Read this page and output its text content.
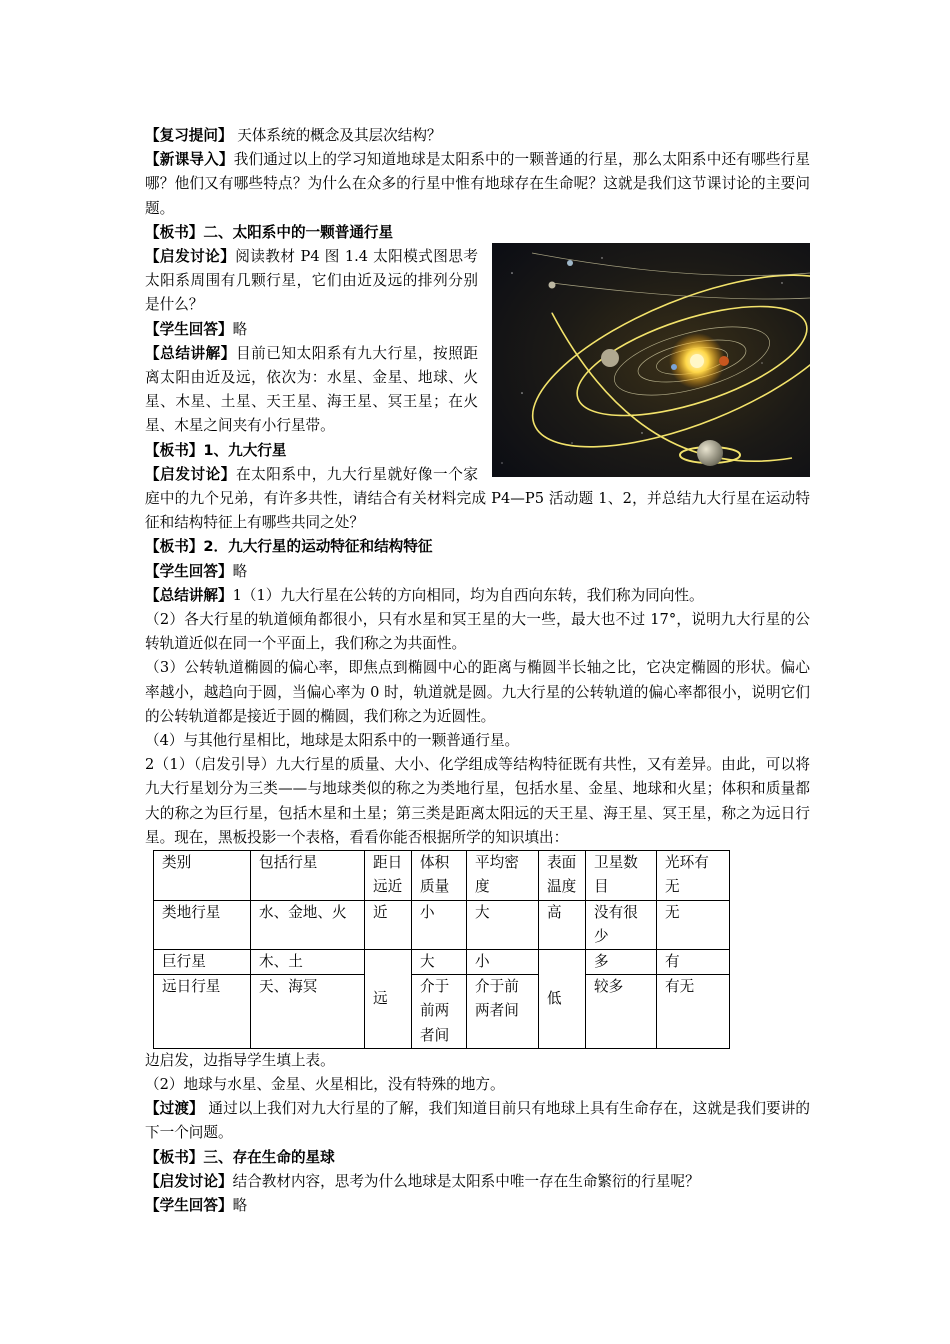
【复习提问】 天体系统的概念及其层次结构？

【新课导入】我们通过以上的学习知道地球是太阳系中的一颗普通的行星，那么太阳系中还有哪些行星哪？他们又有哪些特点？为什么在众多的行星中惟有地球存在生命呢？这就是我们这节课讨论的主要问题。

【板书】二、太阳系中的一颗普通行星

【启发讨论】阅读教材 P4 图 1.4 太阳模式图思考太阳系周围有几颗行星，它们由近及远的排列分别是什么？

【学生回答】略

【总结讲解】目前已知太阳系有九大行星，按照距离太阳由近及远，依次为：水星、金星、地球、火星、木星、土星、天王星、海王星、冥王星；在火星、木星之间夹有小行星带。

【板书】1、九大行星

【启发讨论】在太阳系中，九大行星就好像一个家庭中的九个兄弟，有许多共性，请结合有关材料完成 P4—P5 活动题 1、2，并总结九大行星在运动特征和结构特征上有哪些共同之处？

【板书】2．九大行星的运动特征和结构特征

【学生回答】略

【总结讲解】1（1）九大行星在公转的方向相同，均为自西向东转，我们称为同向性。

（2）各大行星的轨道倾角都很小，只有水星和冥王星的大一些，最大也不过 17°，说明九大行星的公转轨道近似在同一个平面上，我们称之为共面性。

（3）公转轨道椭圆的偏心率，即焦点到椭圆中心的距离与椭圆半长轴之比，它决定椭圆的形状。偏心率越小，越趋向于圆，当偏心率为 0 时，轨道就是圆。九大行星的公转轨道的偏心率都很小，说明它们的公转轨道都是接近于圆的椭圆，我们称之为近圆性。

（4）与其他行星相比，地球是太阳系中的一颗普通行星。

2（1）（启发引导）九大行星的质量、大小、化学组成等结构特征既有共性，又有差异。由此，可以将九大行星划分为三类——与地球类似的称之为类地行星，包括水星、金星、地球和火星；体积和质量都大的称之为巨行星，包括木星和土星；第三类是距离太阳远的天王星、海王星、冥王星，称之为远日行星。现在，黑板投影一个表格，看看你能否根据所学的知识填出：

类别	包括行星	距日远近	体积质量	平均密度	表面温度	卫星数目	光环有无
类地行星	水、金地、火	近	小	大	高	没有很少	无
巨行星	木、土	远	大	小	低	多	有
远日行星	天、海冥		介于前两者间	介于前两者间		较多	有无

边启发，边指导学生填上表。

（2）地球与水星、金星、火星相比，没有特殊的地方。

【过渡】 通过以上我们对九大行星的了解，我们知道目前只有地球上具有生命存在，这就是我们要讲的下一个问题。

【板书】三、存在生命的星球

【启发讨论】结合教材内容，思考为什么地球是太阳系中唯一存在生命繁衍的行星呢？

【学生回答】略
